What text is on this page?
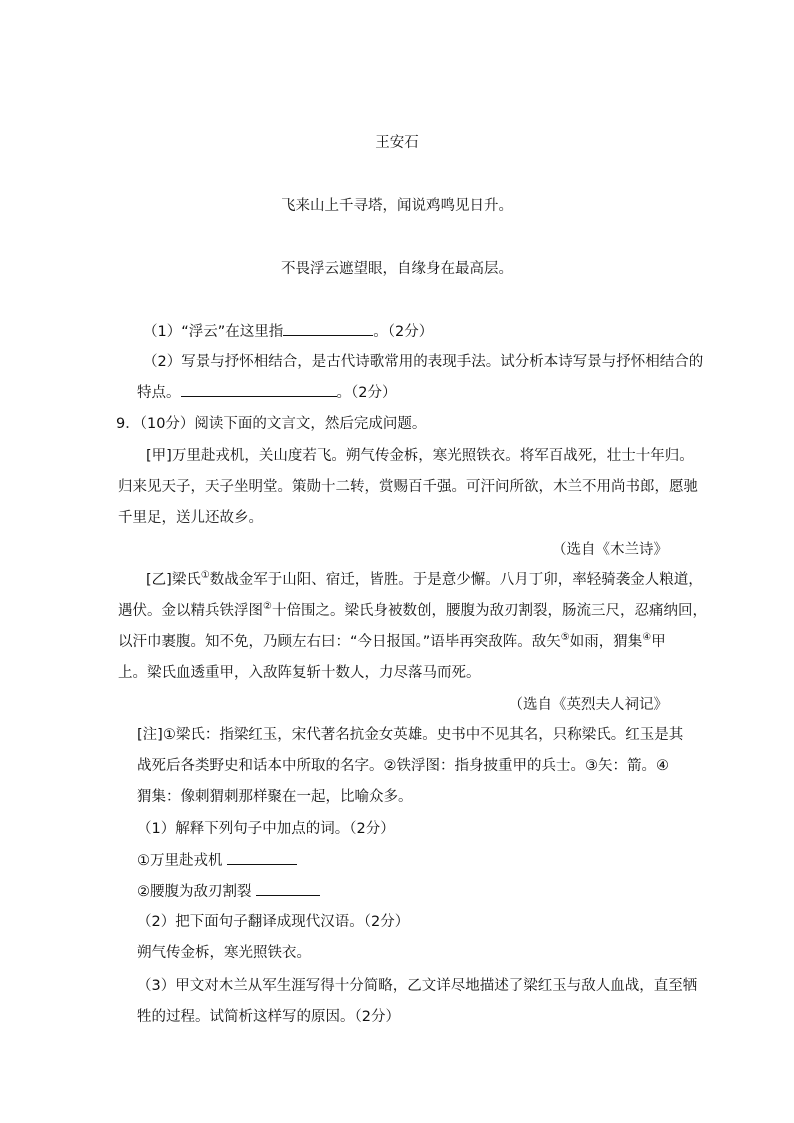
王安石
飞来山上千寻塔，闻说鸡鸣见日升。
不畏浮云遮望眼，自缘身在最高层。
（1）“浮云”在这里指	。（2分）
（2）写景与抒怀相结合，是古代诗歌常用的表现手法。试分析本诗写景与抒怀相结合的
特点。	。（2分）
9．（10分）阅读下面的文言文，然后完成问题。
[甲]万里赴戎机，关山度若飞。朔气传金柝，寒光照铁衣。将军百战死，壮士十年归。
归来见天子，天子坐明堂。策勋十二转，赏赐百千强。可汗问所欲，木兰不用尚书郎，愿驰
千里足，送儿还故乡。
（选自《木兰诗》
[乙]梁氏①数战金军于山阳、宿迁，皆胜。于是意少懈。八月丁卯，率轻骑袭金人粮道，
遇伏。金以精兵铁浮图②十倍围之。梁氏身被数创，腰腹为敌刃割裂，肠流三尺，忍痛纳回，
以汗巾裹腹。知不免，乃顾左右曰：“今日报国。”语毕再突敌阵。敌矢⑤如雨，猬集④甲
上。梁氏血透重甲，入敌阵复斩十数人，力尽落马而死。
（选自《英烈夫人祠记》
[注]①梁氏：指梁红玉，宋代著名抗金女英雄。史书中不见其名，只称梁氏。红玉是其
战死后各类野史和话本中所取的名字。②铁浮图：指身披重甲的兵士。③矢：箭。④
猬集：像刺猬刺那样聚在一起，比喻众多。
（1）解释下列句子中加点的词。（2分）
①万里赴戎机
②腰腹为敌刃割裂
（2）把下面句子翻译成现代汉语。（2分）
朔气传金柝，寒光照铁衣。
（3）甲文对木兰从军生涯写得十分简略，乙文详尽地描述了梁红玉与敌人血战，直至牺
牲的过程。试简析这样写的原因。（2分）
